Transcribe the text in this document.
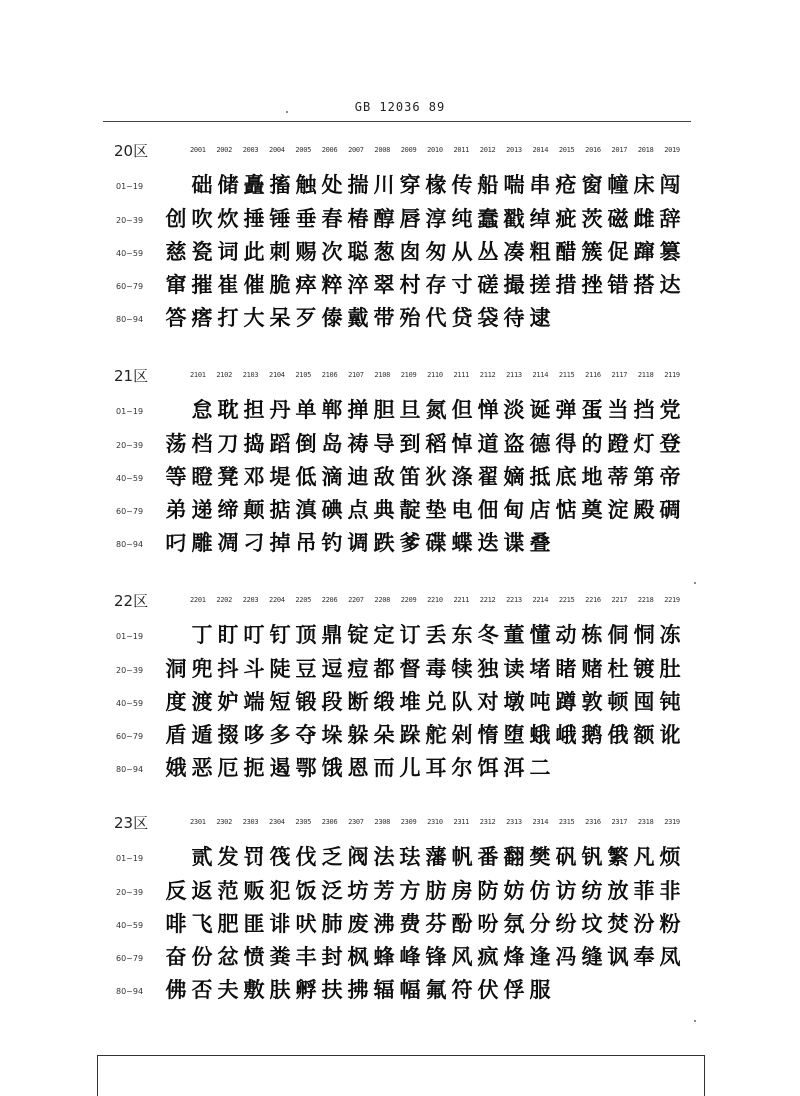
GB 12036 89
20区	2001 2002 2003 2004 2005 2006 2007 2008 2009 2010 2011 2012 2013 2014 2015 2016 2017 2018 2019
01~19 础 储 矗 搐 触 处 揣 川 穿 椽 传 船 喘 串 疮 窗 幢 床 闯
20~39 创 吹 炊 捶 锤 垂 春 椿 醇 唇 淳 纯 蠢 戳 绰 疵 茨 磁 雌 辞
40~59 慈 瓷 词 此 刺 赐 次 聪 葱 囱 匆 从 丛 凑 粗 醋 簇 促 蹿 篡
60~79 窜 摧 崔 催 脆 瘁 粹 淬 翠 村 存 寸 磋 撮 搓 措 挫 错 搭 达
80~94 答 瘩 打 大 呆 歹 傣 戴 带 殆 代 贷 袋 待 逮
21区	2101 2102 2103 2104 2105 2106 2107 2108 2109 2110 2111 2112 2113 2114 2115 2116 2117 2118 2119
01~19 怠 耽 担 丹 单 郸 掸 胆 旦 氮 但 惮 淡 诞 弹 蛋 当 挡 党
20~39 荡 档 刀 捣 蹈 倒 岛 祷 导 到 稻 悼 道 盗 德 得 的 蹬 灯 登
40~59 等 瞪 凳 邓 堤 低 滴 迪 敌 笛 狄 涤 翟 嫡 抵 底 地 蒂 第 帝
60~79 弟 递 缔 颠 掂 滇 碘 点 典 靛 垫 电 佃 甸 店 惦 奠 淀 殿 碉
80~94 叼 雕 凋 刁 掉 吊 钓 调 跌 爹 碟 蝶 迭 谍 叠
22区	2201 2202 2203 2204 2205 2206 2207 2208 2209 2210 2211 2212 2213 2214 2215 2216 2217 2218 2219
01~19 丁 盯 叮 钉 顶 鼎 锭 定 订 丢 东 冬 董 懂 动 栋 侗 恫 冻
20~39 洞 兜 抖 斗 陡 豆 逗 痘 都 督 毒 犊 独 读 堵 睹 赌 杜 镀 肚
40~59 度 渡 妒 端 短 锻 段 断 缎 堆 兑 队 对 墩 吨 蹲 敦 顿 囤 钝
60~79 盾 遁 掇 哆 多 夺 垛 躲 朵 跺 舵 剁 惰 堕 蛾 峨 鹅 俄 额 讹
80~94 娥 恶 厄 扼 遏 鄂 饿 恩 而 儿 耳 尔 饵 洱 二
23区	2301 2302 2303 2304 2305 2306 2307 2308 2309 2310 2311 2312 2313 2314 2315 2316 2317 2318 2319
01~19 贰 发 罚 筏 伐 乏 阀 法 珐 藩 帆 番 翻 樊 矾 钒 繁 凡 烦
20~39 反 返 范 贩 犯 饭 泛 坊 芳 方 肪 房 防 妨 仿 访 纺 放 菲 非
40~59 啡 飞 肥 匪 诽 吠 肺 废 沸 费 芬 酚 吩 氛 分 纷 坟 焚 汾 粉
60~79 奋 份 忿 愤 粪 丰 封 枫 蜂 峰 锋 风 疯 烽 逢 冯 缝 讽 奉 凤
80~94 佛 否 夫 敷 肤 孵 扶 拂 辐 幅 氟 符 伏 俘 服
